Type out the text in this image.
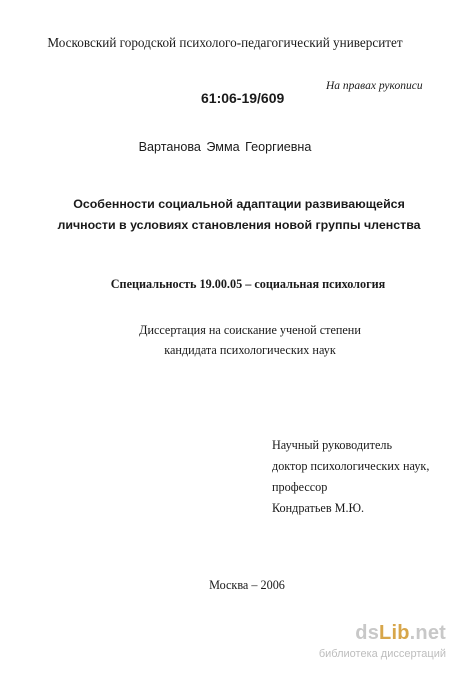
Московский городской психолого-педагогический университет
На правах рукописи
61:06-19/609
Вартанова Эмма Георгиевна
Особенности социальной адаптации развивающейся
личности в условиях становления новой группы членства
Специальность 19.00.05 – социальная психология
Диссертация на соискание ученой степени
кандидата психологических наук
Научный руководитель
доктор психологических наук,
профессор
Кондратьев М.Ю.
Москва – 2006
dsLib.net
библиотека диссертаций
